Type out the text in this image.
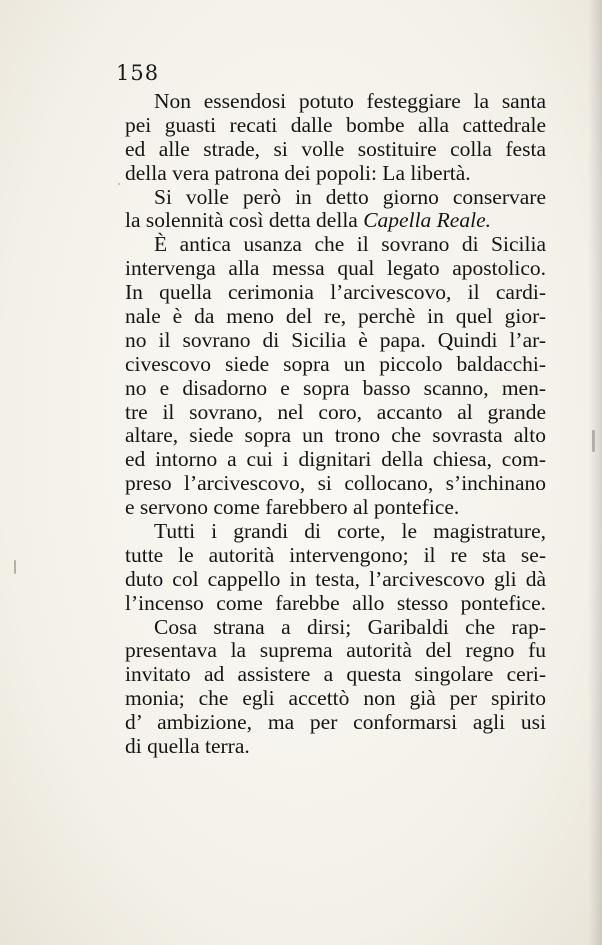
158
Non essendosi potuto festeggiare la santa
pei guasti recati dalle bombe alla cattedrale
ed alle strade, si volle sostituire colla festa
della vera patrona dei popoli: La libertà.
Si volle però in detto giorno conservare
la solennità così detta della Capella Reale.
È antica usanza che il sovrano di Sicilia
intervenga alla messa qual legato apostolico.
In quella cerimonia l’arcivescovo, il cardi-
nale è da meno del re, perchè in quel gior-
no il sovrano di Sicilia è papa. Quindi l’ar-
civescovo siede sopra un piccolo baldacchi-
no e disadorno e sopra basso scanno, men-
tre il sovrano, nel coro, accanto al grande
altare, siede sopra un trono che sovrasta alto
ed intorno a cui i dignitari della chiesa, com-
preso l’arcivescovo, si collocano, s’inchinano
e servono come farebbero al pontefice.
Tutti i grandi di corte, le magistrature,
tutte le autorità intervengono; il re sta se-
duto col cappello in testa, l’arcivescovo gli dà
l’incenso come farebbe allo stesso pontefice.
Cosa strana a dirsi; Garibaldi che rap-
presentava la suprema autorità del regno fu
invitato ad assistere a questa singolare ceri-
monia; che egli accettò non già per spirito
d’ ambizione, ma per conformarsi agli usi
di quella terra.
